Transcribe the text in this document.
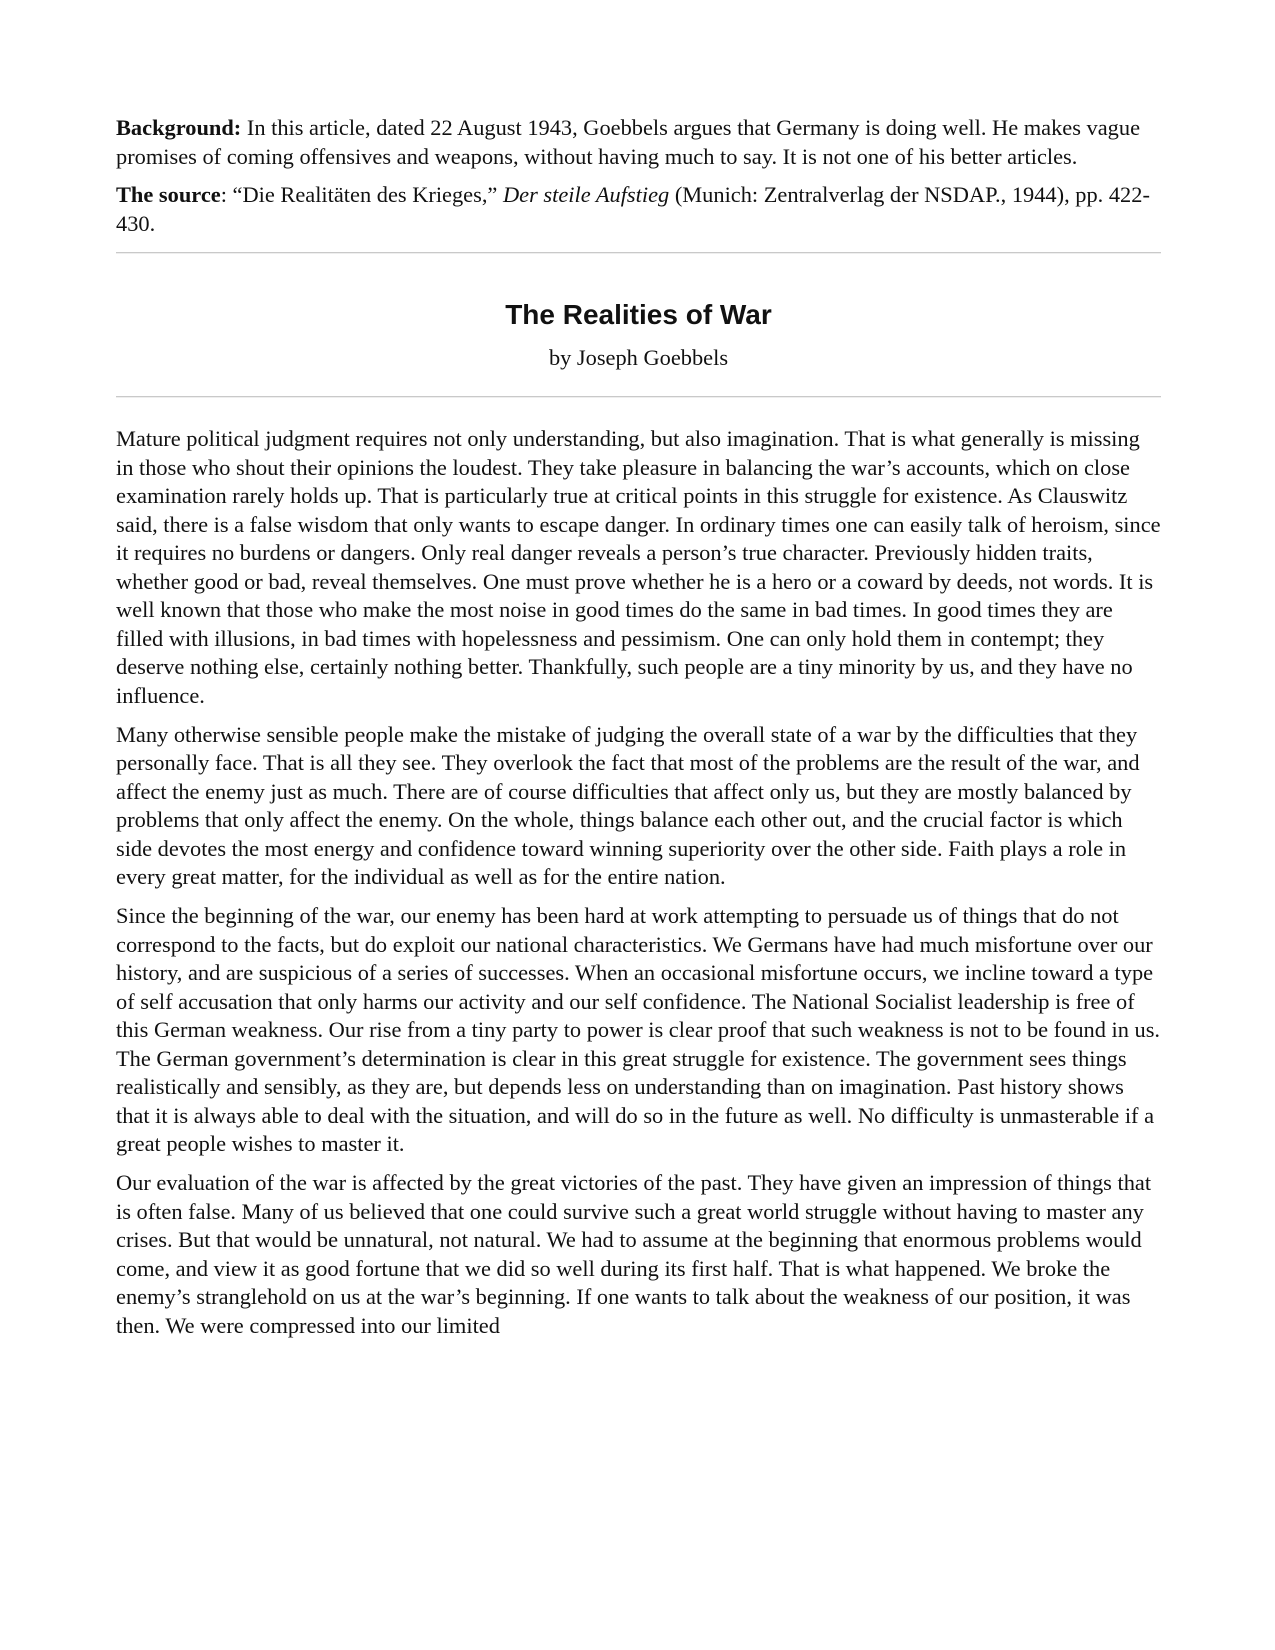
Background: In this article, dated 22 August 1943, Goebbels argues that Germany is doing well. He makes vague promises of coming offensives and weapons, without having much to say. It is not one of his better articles.

The source: “Die Realitäten des Krieges,” Der steile Aufstieg (Munich: Zentralverlag der NSDAP., 1944), pp. 422-430.

The Realities of War
by Joseph Goebbels

Mature political judgment requires not only understanding, but also imagination. That is what generally is missing in those who shout their opinions the loudest. They take pleasure in balancing the war’s accounts, which on close examination rarely holds up. That is particularly true at critical points in this struggle for existence. As Clauswitz said, there is a false wisdom that only wants to escape danger. In ordinary times one can easily talk of heroism, since it requires no burdens or dangers. Only real danger reveals a person’s true character. Previously hidden traits, whether good or bad, reveal themselves. One must prove whether he is a hero or a coward by deeds, not words. It is well known that those who make the most noise in good times do the same in bad times. In good times they are filled with illusions, in bad times with hopelessness and pessimism. One can only hold them in contempt; they deserve nothing else, certainly nothing better. Thankfully, such people are a tiny minority by us, and they have no influence.

Many otherwise sensible people make the mistake of judging the overall state of a war by the difficulties that they personally face. That is all they see. They overlook the fact that most of the problems are the result of the war, and affect the enemy just as much. There are of course difficulties that affect only us, but they are mostly balanced by problems that only affect the enemy. On the whole, things balance each other out, and the crucial factor is which side devotes the most energy and confidence toward winning superiority over the other side. Faith plays a role in every great matter, for the individual as well as for the entire nation.

Since the beginning of the war, our enemy has been hard at work attempting to persuade us of things that do not correspond to the facts, but do exploit our national characteristics. We Germans have had much misfortune over our history, and are suspicious of a series of successes. When an occasional misfortune occurs, we incline toward a type of self accusation that only harms our activity and our self confidence. The National Socialist leadership is free of this German weakness. Our rise from a tiny party to power is clear proof that such weakness is not to be found in us. The German government’s determination is clear in this great struggle for existence. The government sees things realistically and sensibly, as they are, but depends less on understanding than on imagination. Past history shows that it is always able to deal with the situation, and will do so in the future as well. No difficulty is unmasterable if a great people wishes to master it.

Our evaluation of the war is affected by the great victories of the past. They have given an impression of things that is often false. Many of us believed that one could survive such a great world struggle without having to master any crises. But that would be unnatural, not natural. We had to assume at the beginning that enormous problems would come, and view it as good fortune that we did so well during its first half. That is what happened. We broke the enemy’s stranglehold on us at the war’s beginning. If one wants to talk about the weakness of our position, it was then. We were compressed into our limited
